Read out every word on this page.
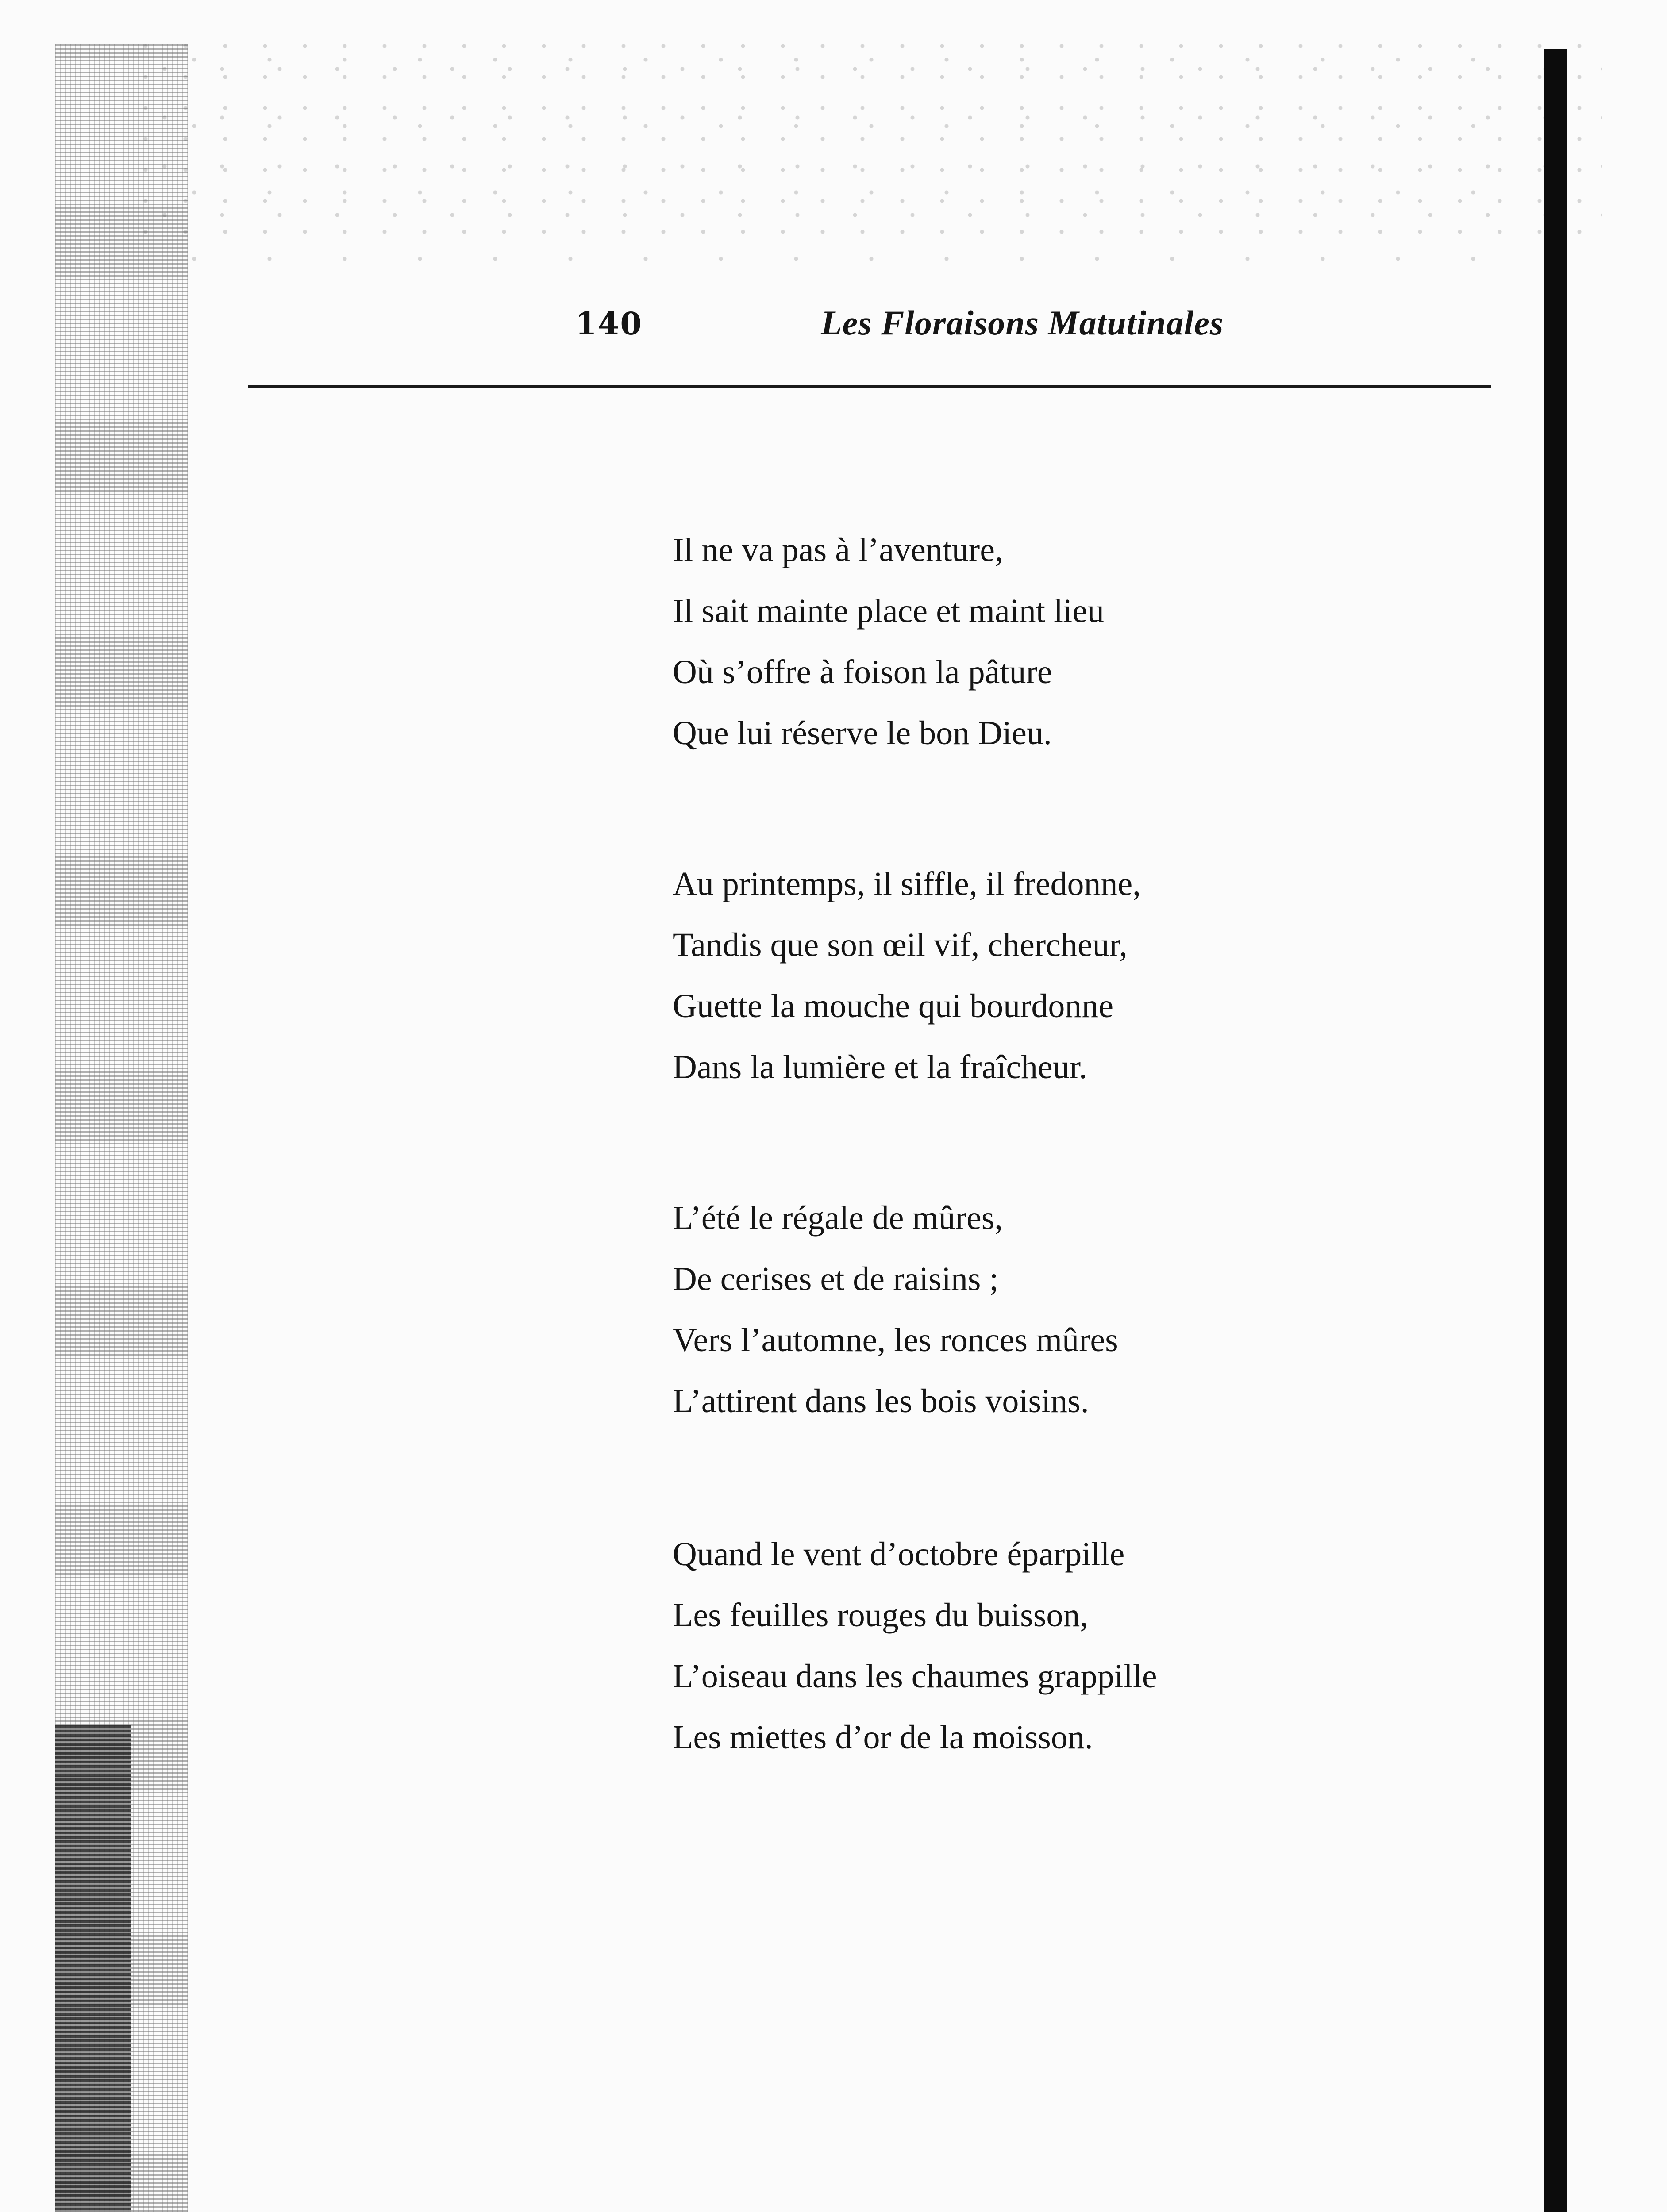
140	Les Floraisons Matutinales
Il ne va pas à l’aventure,
Il sait mainte place et maint lieu
Où s’offre à foison la pâture
Que lui réserve le bon Dieu.
Au printemps, il siffle, il fredonne,
Tandis que son œil vif, chercheur,
Guette la mouche qui bourdonne
Dans la lumière et la fraîcheur.
L’été le régale de mûres,
De cerises et de raisins ;
Vers l’automne, les ronces mûres
L’attirent dans les bois voisins.
Quand le vent d’octobre éparpille
Les feuilles rouges du buisson,
L’oiseau dans les chaumes grappille
Les miettes d’or de la moisson.
